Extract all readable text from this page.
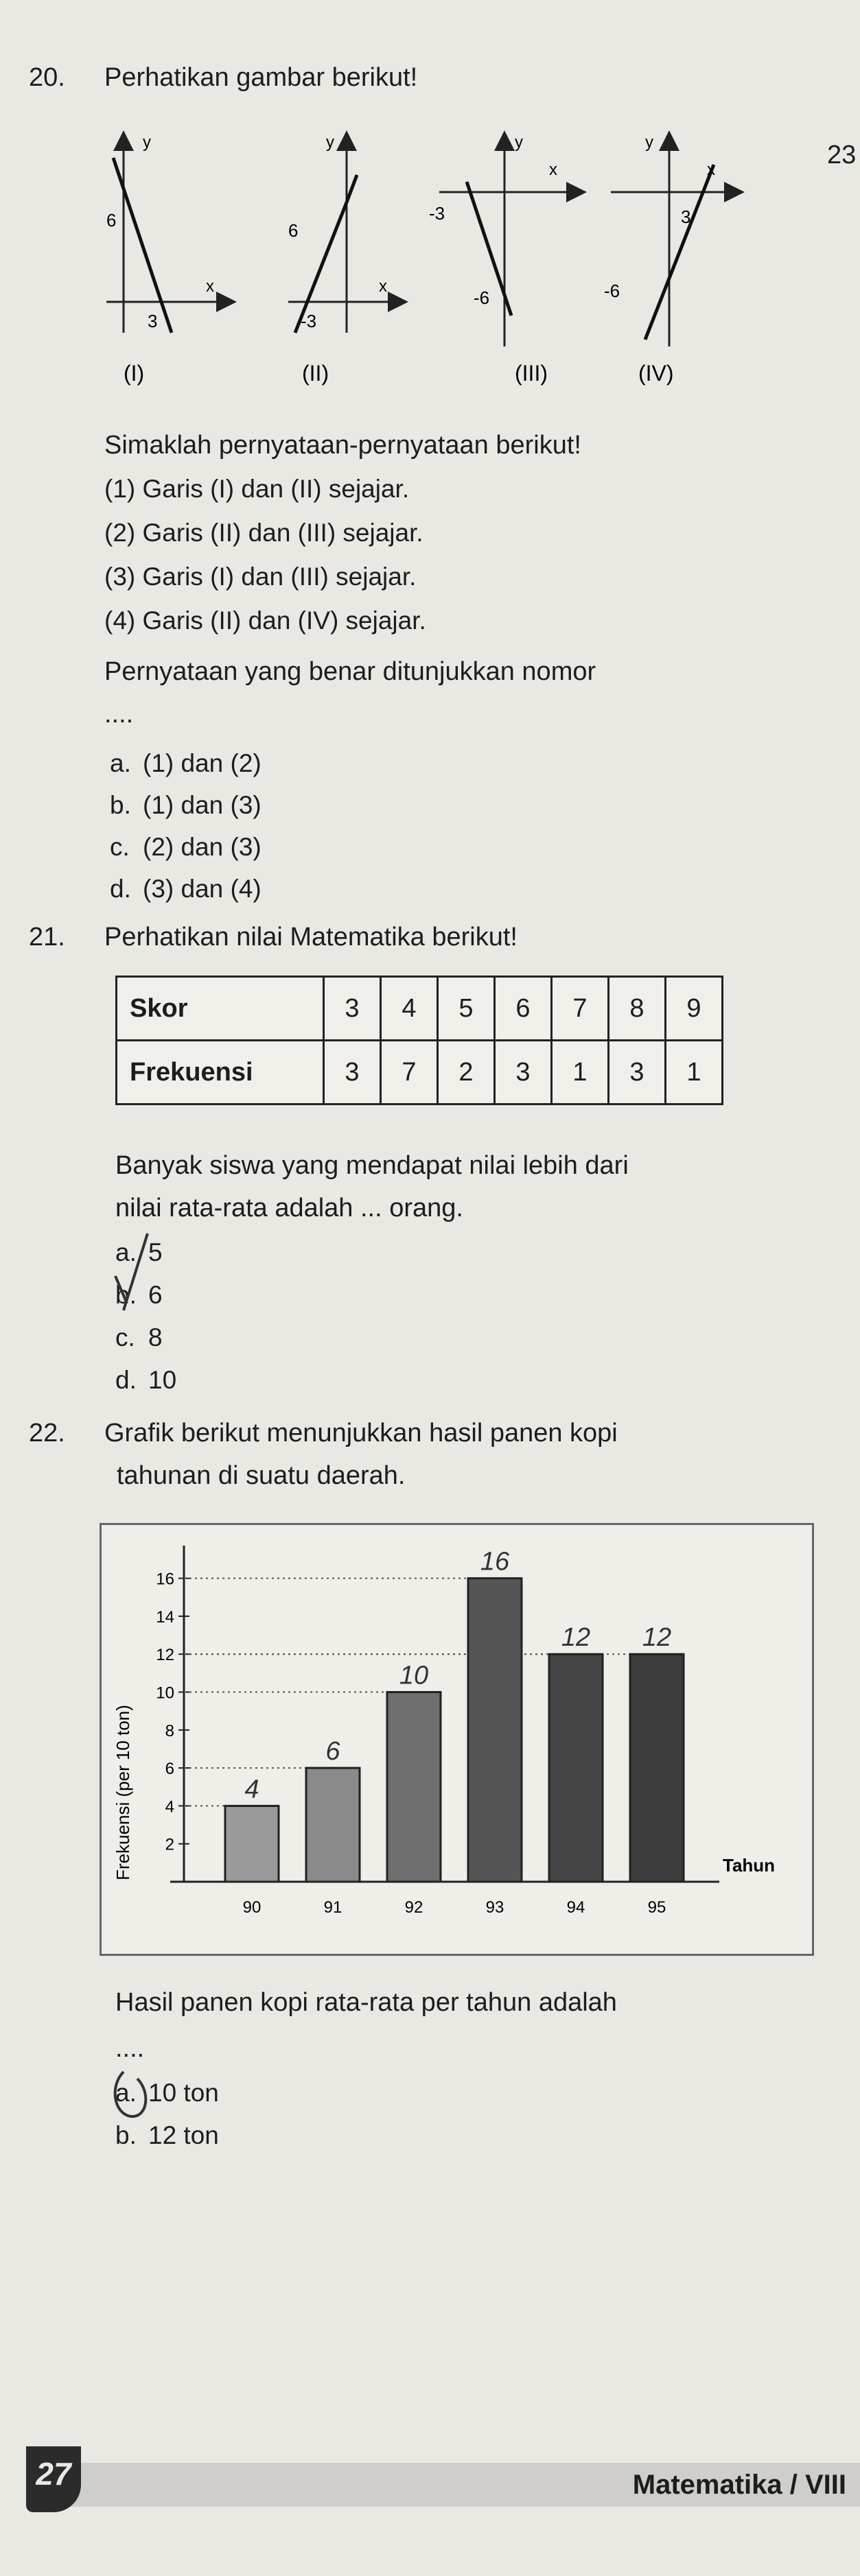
20. Perhatikan gambar berikut!
23
y
x
6
3
(I)
y
x
6
-3
(II)
y
x
-3
-6
(III)
y
x
3
-6
(IV)
Simaklah pernyataan-pernyataan berikut!
(1) Garis (I) dan (II) sejajar.
(2) Garis (II) dan (III) sejajar.
(3) Garis (I) dan (III) sejajar.
(4) Garis (II) dan (IV) sejajar.
Pernyataan yang benar ditunjukkan nomor
....
a. (1) dan (2)
b. (1) dan (3)
c. (2) dan (3)
d. (3) dan (4)
21. Perhatikan nilai Matematika berikut!
Skor	3	4	5	6	7	8	9
Frekuensi	3	7	2	3	1	3	1
Banyak siswa yang mendapat nilai lebih dari
nilai rata-rata adalah ... orang.
a. 5
b. 6
c. 8
d. 10
22. Grafik berikut menunjukkan hasil panen kopi
tahunan di suatu daerah.
Frekuensi (per 10 ton)	Tahun
2
4
6
8
10
12
14
16
90	91	92	93	94	95
4
6
10
16
12 12
Hasil panen kopi rata-rata per tahun adalah
....
a. 10 ton
b. 12 ton
27	Matematika / VIII
